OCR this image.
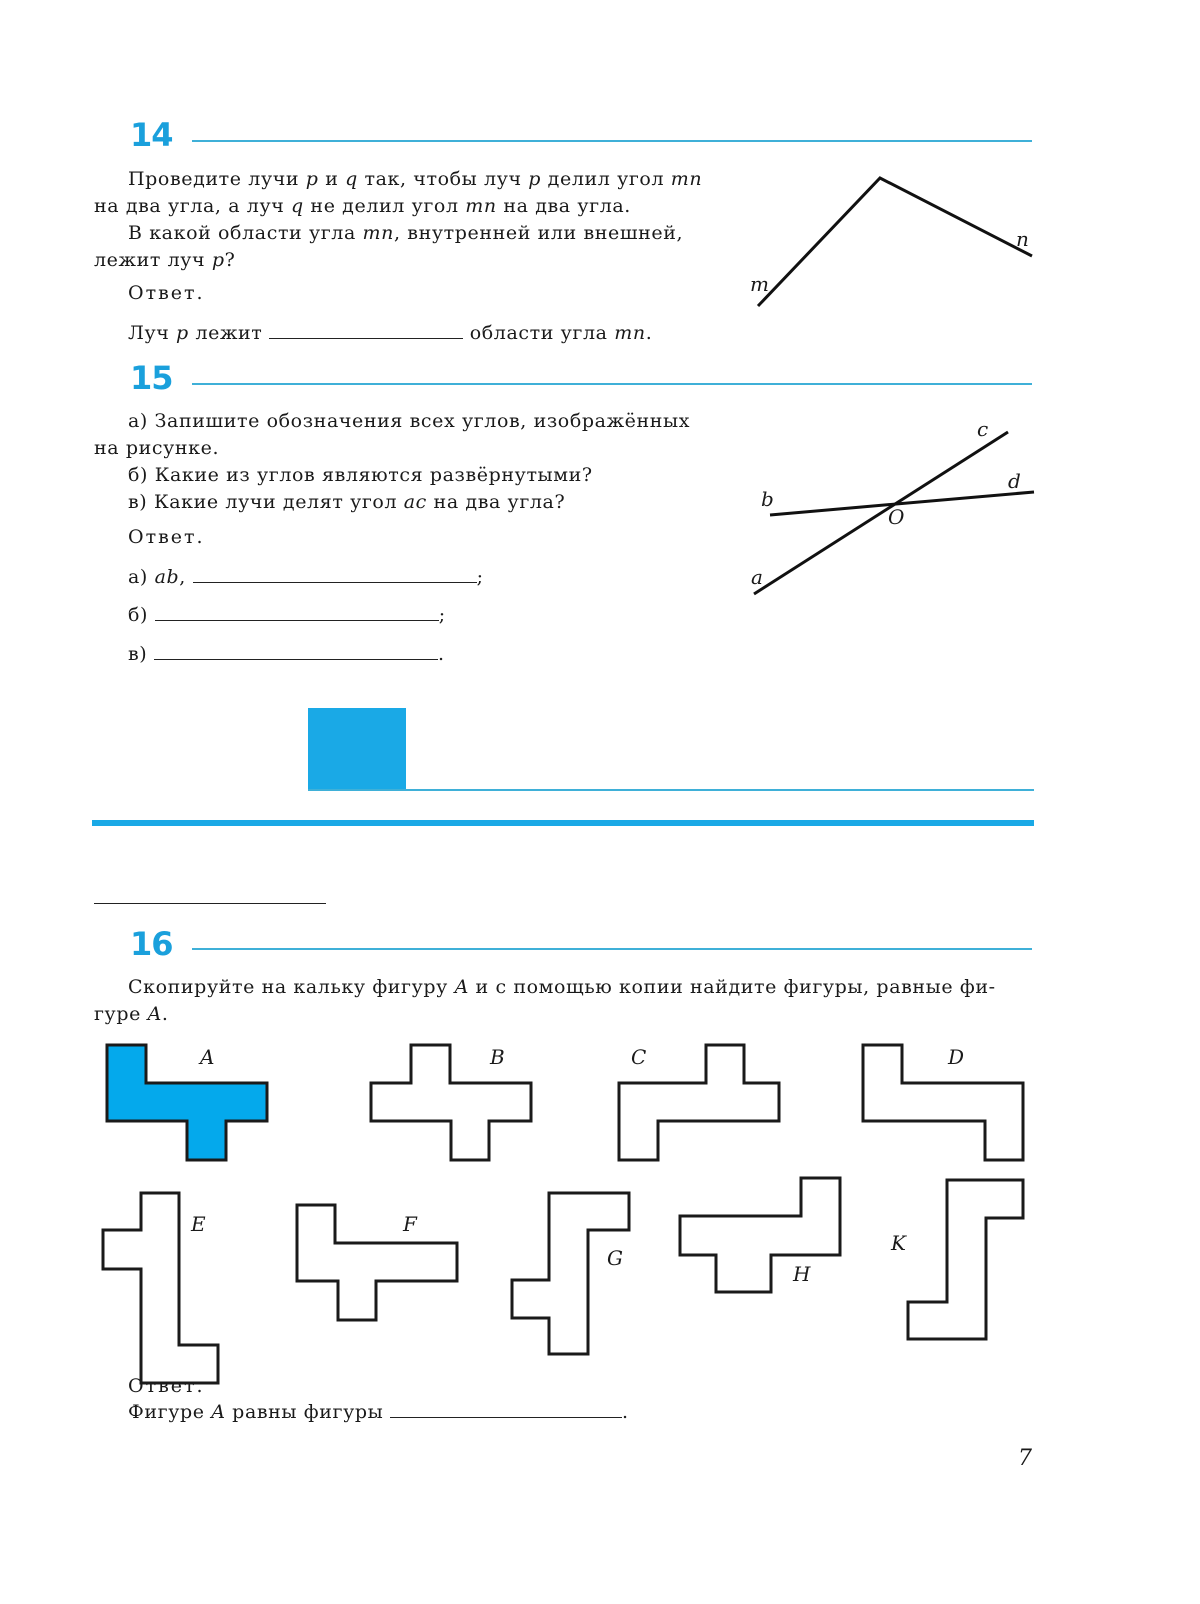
14
Проведите лучи p и q так, чтобы луч p делил угол mn
на два угла, а луч q не делил угол mn на два угла.
В какой области угла mn, внутренней или внешней,
лежит луч p?
Ответ.
Луч p лежит	области угла mn.
m
n
a
b
c
d
O
15
а) Запишите обозначения всех углов, изображённых
на рисунке.
б) Какие из углов являются развёрнутыми?
в) Какие лучи делят угол ac на два угла?
Ответ.
а) ab,	;
б)	;
в)	.
16
Скопируйте на кальку фигуру A и с помощью копии найдите фигуры, равные фи-
гуре A.
A	B	C	D
E	F
G
H
K
Ответ.
Фигуре A равны фигуры	.
7
